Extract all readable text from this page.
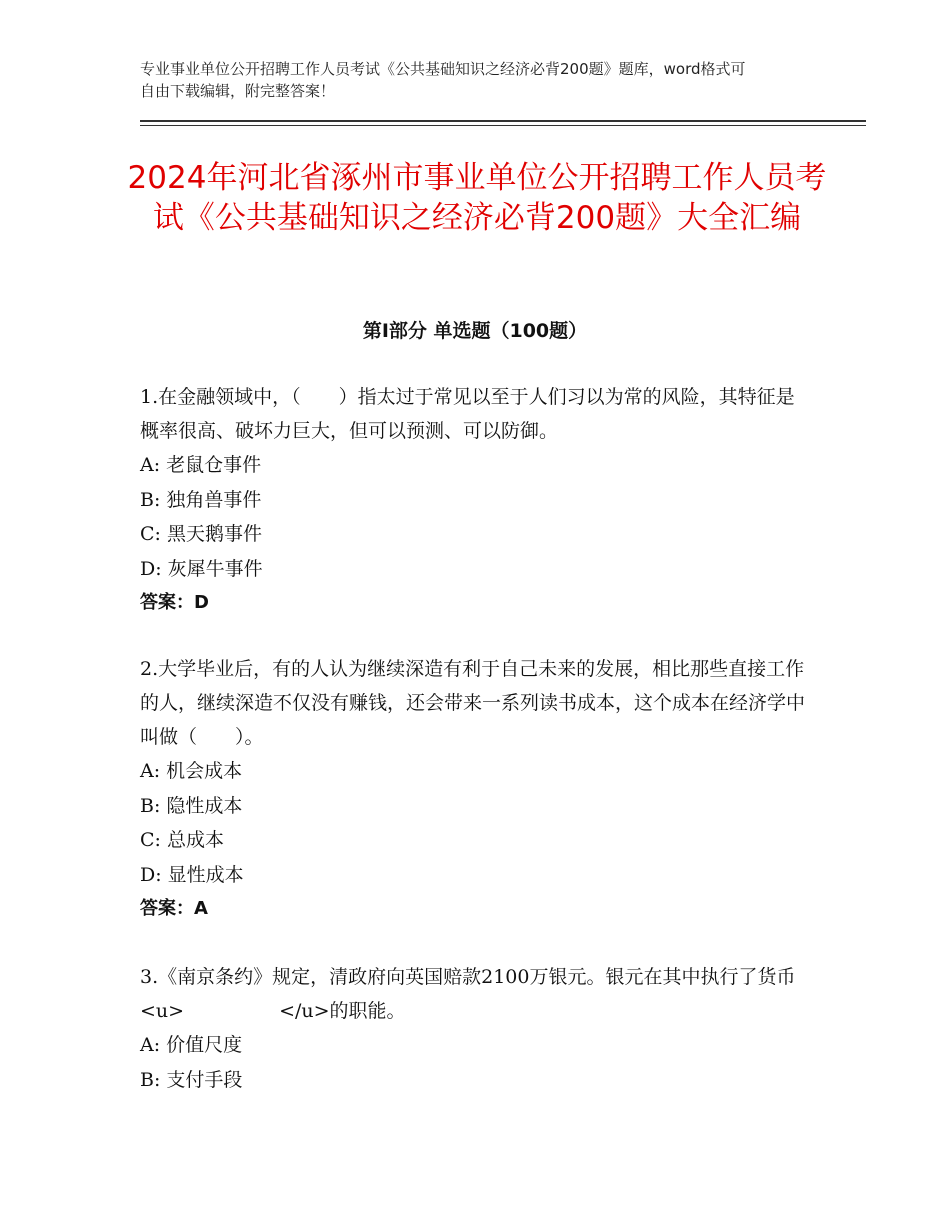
专业事业单位公开招聘工作人员考试《公共基础知识之经济必背200题》题库，word格式可自由下载编辑，附完整答案！
2024年河北省涿州市事业单位公开招聘工作人员考试《公共基础知识之经济必背200题》大全汇编
第Ⅰ部分 单选题（100题）
1.在金融领域中，（　　）指太过于常见以至于人们习以为常的风险，其特征是概率很高、破坏力巨大，但可以预测、可以防御。
A: 老鼠仓事件
B: 独角兽事件
C: 黑天鹅事件
D: 灰犀牛事件
答案：D
2.大学毕业后，有的人认为继续深造有利于自己未来的发展，相比那些直接工作的人，继续深造不仅没有赚钱，还会带来一系列读书成本，这个成本在经济学中叫做（　　）。
A: 机会成本
B: 隐性成本
C: 总成本
D: 显性成本
答案：A
3.《南京条约》规定，清政府向英国赔款2100万银元。银元在其中执行了货币<u>　　　　　</u>的职能。
A: 价值尺度
B: 支付手段
